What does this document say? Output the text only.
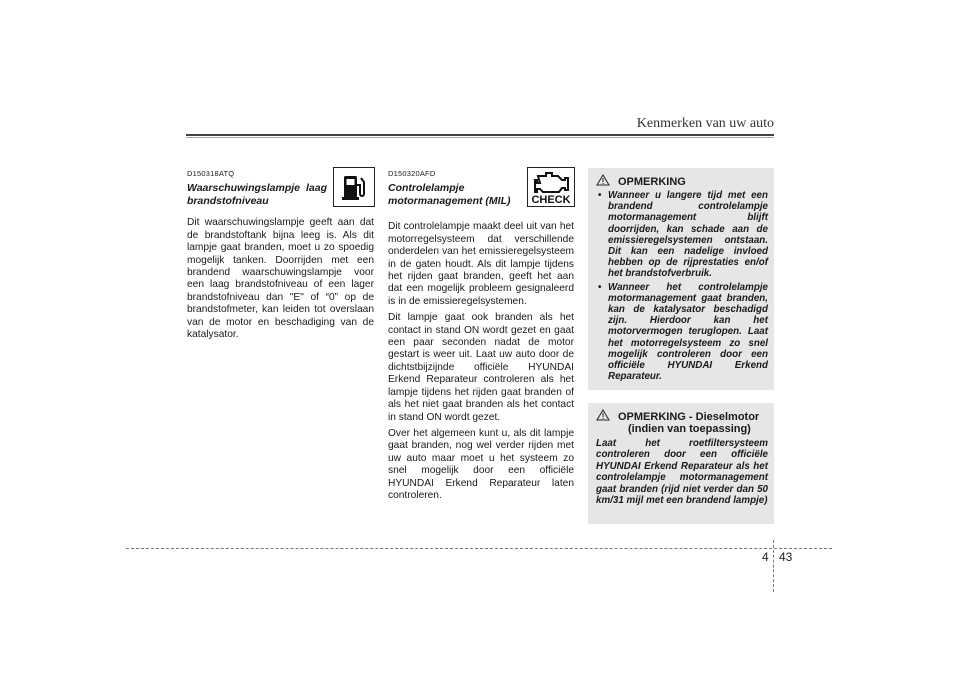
Kenmerken van uw auto
D150318ATQ
Waarschuwingslampje laag brandstofniveau
Dit waarschuwingslampje geeft aan dat de brandstoftank bijna leeg is. Als dit lampje gaat branden, moet u zo spoedig mogelijk tanken. Doorrijden met een brandend waarschuwingslampje voor een laag brandstofniveau of een lager brandstofniveau dan "E" of “0” op de brandstofmeter, kan leiden tot overslaan van de motor en beschadiging van de katalysator.
D150320AFD
Controlelampje motormanagement (MIL)

Dit controlelampje maakt deel uit van het motorregelsysteem dat verschillende onderdelen van het emissieregelsysteem in de gaten houdt. Als dit lampje tijdens het rijden gaat branden, geeft het aan dat een mogelijk probleem gesignaleerd is in de emissieregelsystemen.

Dit lampje gaat ook branden als het contact in stand ON wordt gezet en gaat een paar seconden nadat de motor gestart is weer uit. Laat uw auto door de dichtstbijzijnde officiële HYUNDAI Erkend Reparateur controleren als het lampje tijdens het rijden gaat branden of als het niet gaat branden als het contact in stand ON wordt gezet.

Over het algemeen kunt u, als dit lampje gaat branden, nog wel verder rijden met uw auto maar moet u het systeem zo snel mogelijk door een officiële HYUNDAI Erkend Reparateur laten controleren.

CHECK
OPMERKING
• Wanneer u langere tijd met een brandend controlelampje motormanagement blijft doorrijden, kan schade aan de emissieregelsystemen ontstaan. Dit kan een nadelige invloed hebben op de rijprestaties en/of het brandstofverbruik.
• Wanneer het controlelampje motormanagement gaat branden, kan de katalysator beschadigd zijn. Hierdoor kan het motorvermogen teruglopen. Laat het motorregelsysteem zo snel mogelijk controleren door een officiële HYUNDAI Erkend Reparateur.
OPMERKING - Dieselmotor
(indien van toepassing)
Laat het roetfiltersysteem controleren door een officiële HYUNDAI Erkend Reparateur als het controlelampje motormanagement gaat branden (rijd niet verder dan 50 km/31 mijl met een brandend lampje)
4 43
